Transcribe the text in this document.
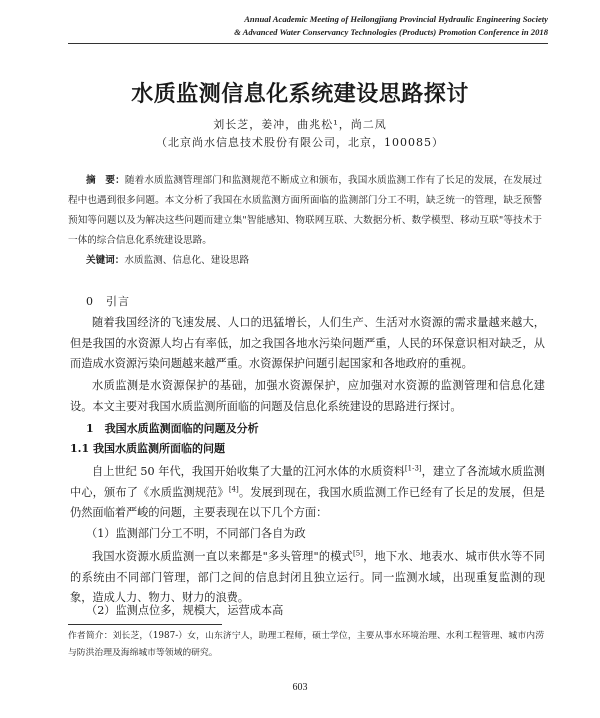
Annual Academic Meeting of Heilongjiang Provincial Hydraulic Engineering Society
& Advanced Water Conservancy Technologies (Products) Promotion Conference in 2018
水质监测信息化系统建设思路探讨
刘长芝，姜冲，曲兆松¹，尚二凤
（北京尚水信息技术股份有限公司，北京，100085）
摘　要：随着水质监测管理部门和监测规范不断成立和颁布，我国水质监测工作有了长足的发展，在发展过程中也遇到很多问题。本文分析了我国在水质监测方面所面临的监测部门分工不明，缺乏统一的管理，缺乏预警预知等问题以及为解决这些问题而建立集"智能感知、物联网互联、大数据分析、数学模型、移动互联"等技术于一体的综合信息化系统建设思路。
关键词：水质监测、信息化、建设思路
0　引言

随着我国经济的飞速发展、人口的迅猛增长，人们生产、生活对水资源的需求量越来越大，但是我国的水资源人均占有率低，加之我国各地水污染问题严重，人民的环保意识相对缺乏，从而造成水资源污染问题越来越严重。水资源保护问题引起国家和各地政府的重视。

水质监测是水资源保护的基础，加强水资源保护，应加强对水资源的监测管理和信息化建设。本文主要对我国水质监测所面临的问题及信息化系统建设的思路进行探讨。

1　我国水质监测面临的问题及分析
1.1 我国水质监测所面临的问题

自上世纪 50 年代，我国开始收集了大量的江河水体的水质资料[1-3]，建立了各流域水质监测中心，颁布了《水质监测规范》[4]。发展到现在，我国水质监测工作已经有了长足的发展，但是仍然面临着严峻的问题，主要表现在以下几个方面：

（1）监测部门分工不明，不同部门各自为政

我国水资源水质监测一直以来都是"多头管理"的模式[5]，地下水、地表水、城市供水等不同的系统由不同部门管理，部门之间的信息封闭且独立运行。同一监测水域，出现重复监测的现象，造成人力、物力、财力的浪费。

（2）监测点位多，规模大，运营成本高
作者简介：刘长芝，（1987-）女，山东济宁人，助理工程师，硕士学位，主要从事水环境治理、水利工程管理、城市内涝与防洪治理及海绵城市等领域的研究。
603
